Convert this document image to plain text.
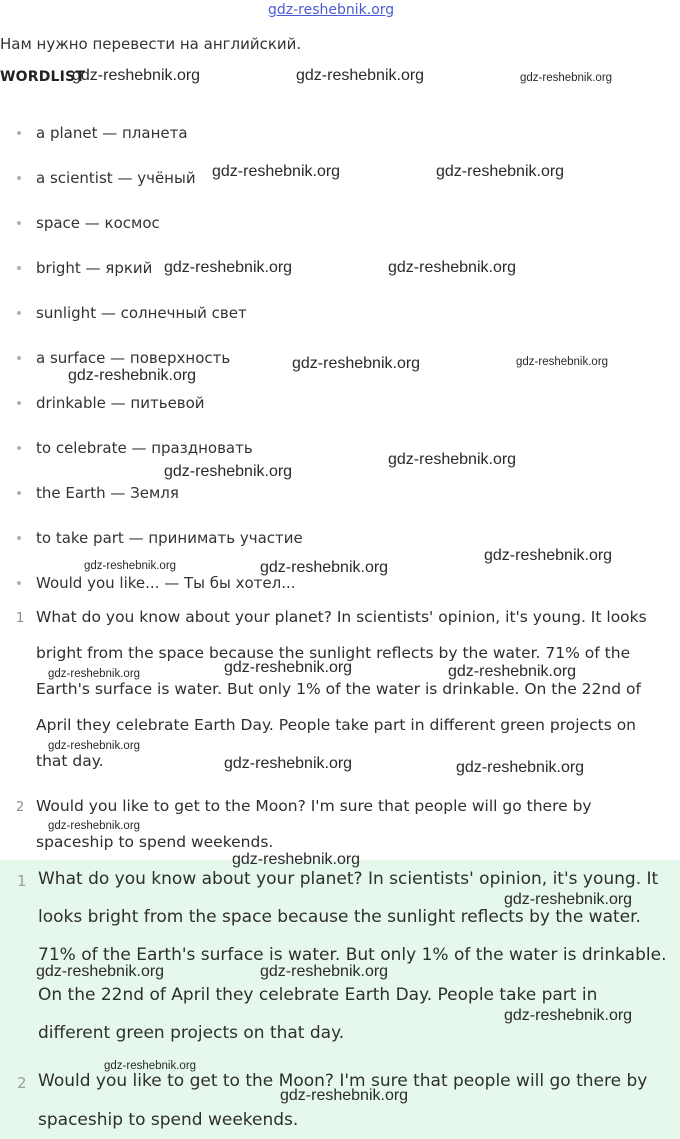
gdz-reshebnik.org
Нам нужно перевести на английский.
WORDLIST
a planet — планета
a scientist — учёный
space — космос
bright — яркий
sunlight — солнечный свет
a surface — поверхность
drinkable — питьевой
to celebrate — праздновать
the Earth — Земля
to take part — принимать участие
Would you like... — Ты бы хотел...
1 What do you know about your planet? In scientists' opinion, it's young. It looks
bright from the space because the sunlight reflects by the water. 71% of the
Earth's surface is water. But only 1% of the water is drinkable. On the 22nd of
April they celebrate Earth Day. People take part in different green projects on
that day.
2 Would you like to get to the Moon? I'm sure that people will go there by
spaceship to spend weekends.
1 What do you know about your planet? In scientists' opinion, it's young. It
looks bright from the space because the sunlight reflects by the water.
71% of the Earth's surface is water. But only 1% of the water is drinkable.
On the 22nd of April they celebrate Earth Day. People take part in
different green projects on that day.
2 Would you like to get to the Moon? I'm sure that people will go there by
spaceship to spend weekends.
gdz-reshebnik.org	gdz-reshebnik.org	gdz-reshebnik.org
gdz-reshebnik.org	gdz-reshebnik.org
gdz-reshebnik.org	gdz-reshebnik.org
gdz-reshebnik.org	gdz-reshebnik.org
gdz-reshebnik.org
gdz-reshebnik.org
gdz-reshebnik.org
gdz-reshebnik.org
gdz-reshebnik.org	gdz-reshebnik.org
gdz-reshebnik.org	gdz-reshebnik.org	gdz-reshebnik.org
gdz-reshebnik.org
gdz-reshebnik.org	gdz-reshebnik.org
gdz-reshebnik.org
gdz-reshebnik.org
gdz-reshebnik.org
gdz-reshebnik.org	gdz-reshebnik.org
gdz-reshebnik.org
gdz-reshebnik.org
gdz-reshebnik.org
